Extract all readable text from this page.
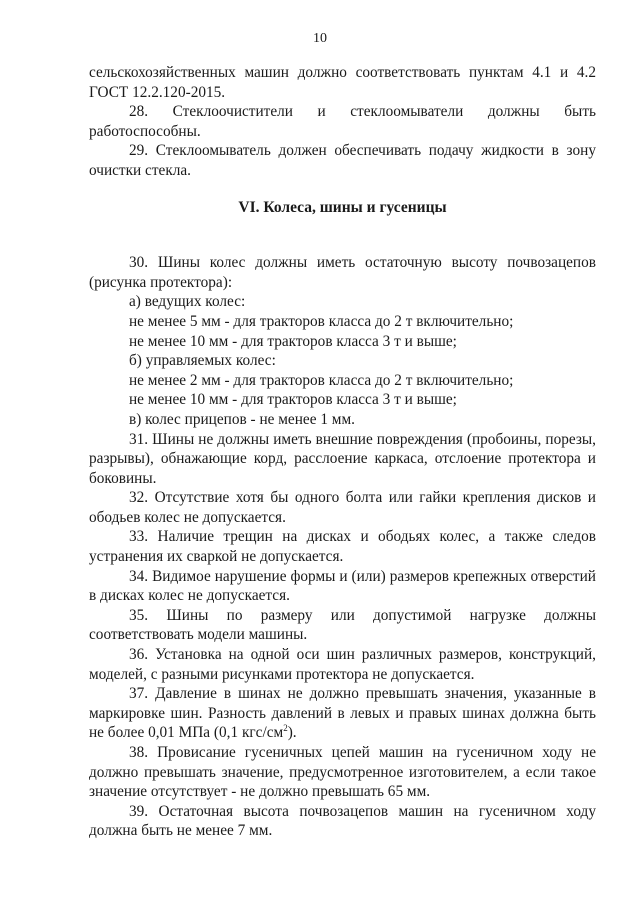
10

сельскохозяйственных машин должно соответствовать пунктам 4.1 и 4.2 ГОСТ 12.2.120-2015.

28. Стеклоочистители и стеклоомыватели должны быть работоспособны.

29. Стеклоомыватель должен обеспечивать подачу жидкости в зону очистки стекла.

VI. Колеса, шины и гусеницы

30. Шины колес должны иметь остаточную высоту почвозацепов (рисунка протектора):

а) ведущих колес:

не менее 5 мм - для тракторов класса до 2 т включительно;

не менее 10 мм - для тракторов класса 3 т и выше;

б) управляемых колес:

не менее 2 мм - для тракторов класса до 2 т включительно;

не менее 10 мм - для тракторов класса 3 т и выше;

в) колес прицепов - не менее 1 мм.

31. Шины не должны иметь внешние повреждения (пробоины, порезы, разрывы), обнажающие корд, расслоение каркаса, отслоение протектора и боковины.

32. Отсутствие хотя бы одного болта или гайки крепления дисков и ободьев колес не допускается.

33. Наличие трещин на дисках и ободьях колес, а также следов устранения их сваркой не допускается.

34. Видимое нарушение формы и (или) размеров крепежных отверстий в дисках колес не допускается.

35. Шины по размеру или допустимой нагрузке должны соответствовать модели машины.

36. Установка на одной оси шин различных размеров, конструкций, моделей, с разными рисунками протектора не допускается.

37. Давление в шинах не должно превышать значения, указанные в маркировке шин. Разность давлений в левых и правых шинах должна быть не более 0,01 МПа (0,1 кгс/$см^2$).

38. Провисание гусеничных цепей машин на гусеничном ходу не должно превышать значение, предусмотренное изготовителем, а если такое значение отсутствует - не должно превышать 65 мм.

39. Остаточная высота почвозацепов машин на гусеничном ходу должна быть не менее 7 мм.
